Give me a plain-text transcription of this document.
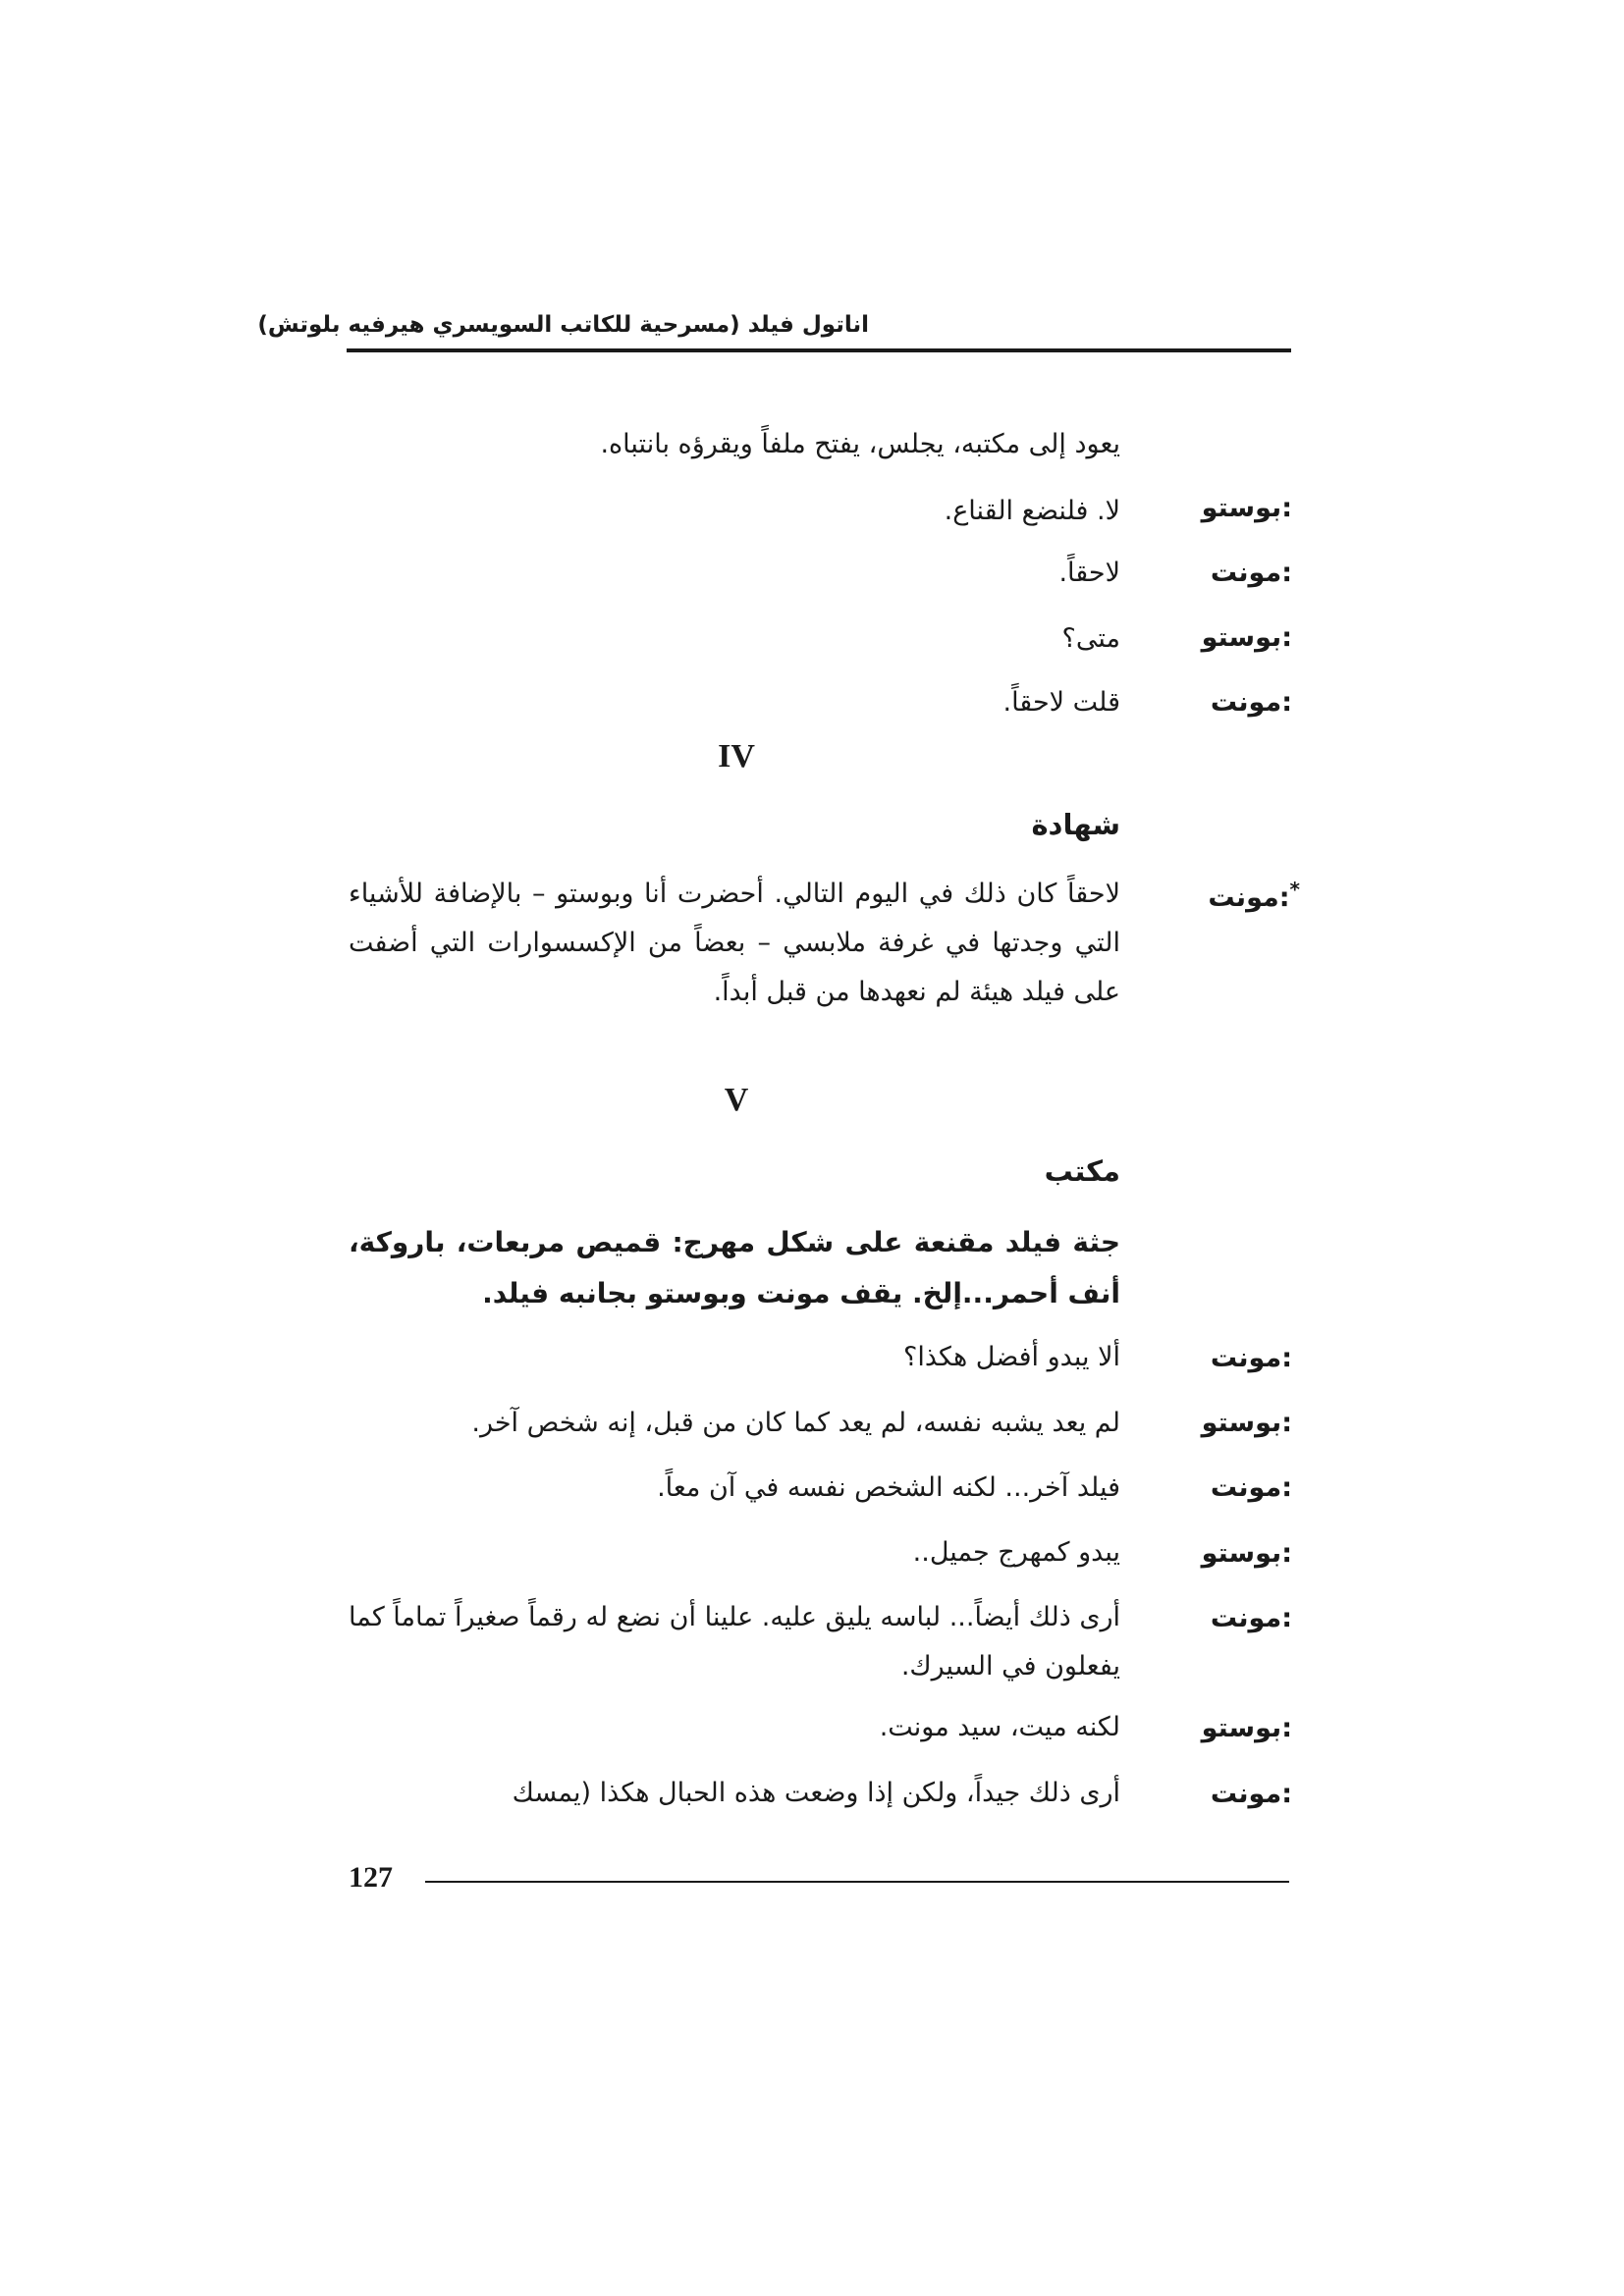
اناتول فيلد (مسرحية للكاتب السويسري هيرفيه بلوتش)
يعود إلى مكتبه، يجلس، يفتح ملفاً ويقرؤه بانتباه.
بوستو:
لا. فلنضع القناع.
مونت:
لاحقاً.
بوستو:
متى؟
مونت:
قلت لاحقاً.
IV
شهادة
مونت:*
لاحقاً كان ذلك في اليوم التالي. أحضرت أنا وبوستو – بالإضافة للأشياء التي وجدتها في غرفة ملابسي – بعضاً من الإكسسوارات التي أضفت على فيلد هيئة لم نعهدها من قبل أبداً.
V
مكتب
جثة فيلد مقنعة على شكل مهرج: قميص مربعات، باروكة، أنف أحمر...إلخ. يقف مونت وبوستو بجانبه فيلد.
مونت:
ألا يبدو أفضل هكذا؟
بوستو:
لم يعد يشبه نفسه، لم يعد كما كان من قبل، إنه شخص آخر.
مونت:
فيلد آخر... لكنه الشخص نفسه في آن معاً.
بوستو:
يبدو كمهرج جميل..
مونت:
أرى ذلك أيضاً... لباسه يليق عليه. علينا أن نضع له رقماً صغيراً تماماً كما يفعلون في السيرك.
بوستو:
لكنه ميت، سيد مونت.
مونت:
أرى ذلك جيداً، ولكن إذا وضعت هذه الحبال هكذا (يمسك
127
